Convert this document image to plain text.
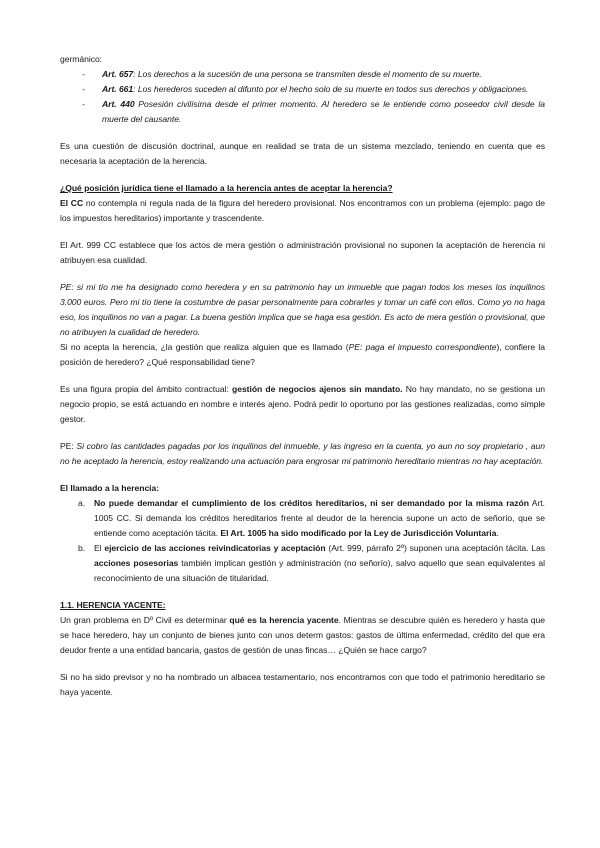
germánico:

- Art. 657: Los derechos a la sucesión de una persona se transmiten desde el momento de su muerte.
- Art. 661: Los herederos suceden al difunto por el hecho solo de su muerte en todos sus derechos y obligaciones.
- Art. 440 Posesión civilísima desde el primer momento. Al heredero se le entiende como poseedor civil desde la muerte del causante.

Es una cuestión de discusión doctrinal, aunque en realidad se trata de un sistema mezclado, teniendo en cuenta que es necesaria la aceptación de la herencia.

¿Qué posición jurídica tiene el llamado a la herencia antes de aceptar la herencia?

El CC no contempla ni regula nada de la figura del heredero provisional. Nos encontramos con un problema (ejemplo: pago de los impuestos hereditarios) importante y trascendente.

El Art. 999 CC establece que los actos de mera gestión o administración provisional no suponen la aceptación de herencia ni atribuyen esa cualidad.

PE: si mi tío me ha designado como heredera y en su patrimonio hay un inmueble que pagan todos los meses los inquilinos 3.000 euros. Pero mi tío tiene la costumbre de pasar personalmente para cobrarles y tomar un café con ellos. Como yo no haga eso, los inquilinos no van a pagar. La buena gestión implica que se haga esa gestión. Es acto de mera gestión o provisional, que no atribuyen la cualidad de heredero.

Si no acepta la herencia, ¿la gestión que realiza alguien que es llamado (PE: paga el impuesto correspondiente), confiere la posición de heredero? ¿Qué responsabilidad tiene?

Es una figura propia del ámbito contractual: gestión de negocios ajenos sin mandato. No hay mandato, no se gestiona un negocio propio, se está actuando en nombre e interés ajeno. Podrá pedir lo oportuno por las gestiones realizadas, como simple gestor.

PE: Si cobro las cantidades pagadas por los inquilinos del inmueble, y las ingreso en la cuenta, yo aun no soy propietario , aun no he aceptado la herencia, estoy realizando una actuación para engrosar mi patrimonio hereditario mientras no hay aceptación.

El llamado a la herencia:

a. No puede demandar el cumplimiento de los créditos hereditarios, ni ser demandado por la misma razón Art. 1005 CC. Si demanda los créditos hereditarios frente al deudor de la herencia supone un acto de señorío, que se entiende como aceptación tácita. El Art. 1005 ha sido modificado por la Ley de Jurisdicción Voluntaria.
b. El ejercicio de las acciones reivindicatorias y aceptación (Art. 999, párrafo 2º) suponen una aceptación tácita. Las acciones posesorias también implican gestión y administración (no señorío), salvo aquello que sean equivalentes al reconocimiento de una situación de titularidad.

1.1. HERENCIA YACENTE:

Un gran problema en Dº Civil es determinar qué es la herencia yacente. Mientras se descubre quién es heredero y hasta que se hace heredero, hay un conjunto de bienes junto con unos determ gastos: gastos de última enfermedad, crédito del que era deudor frente a una entidad bancaria, gastos de gestión de unas fincas… ¿Quién se hace cargo?

Si no ha sido previsor y no ha nombrado un albacea testamentario, nos encontramos con que todo el patrimonio hereditario se haya yacente.
